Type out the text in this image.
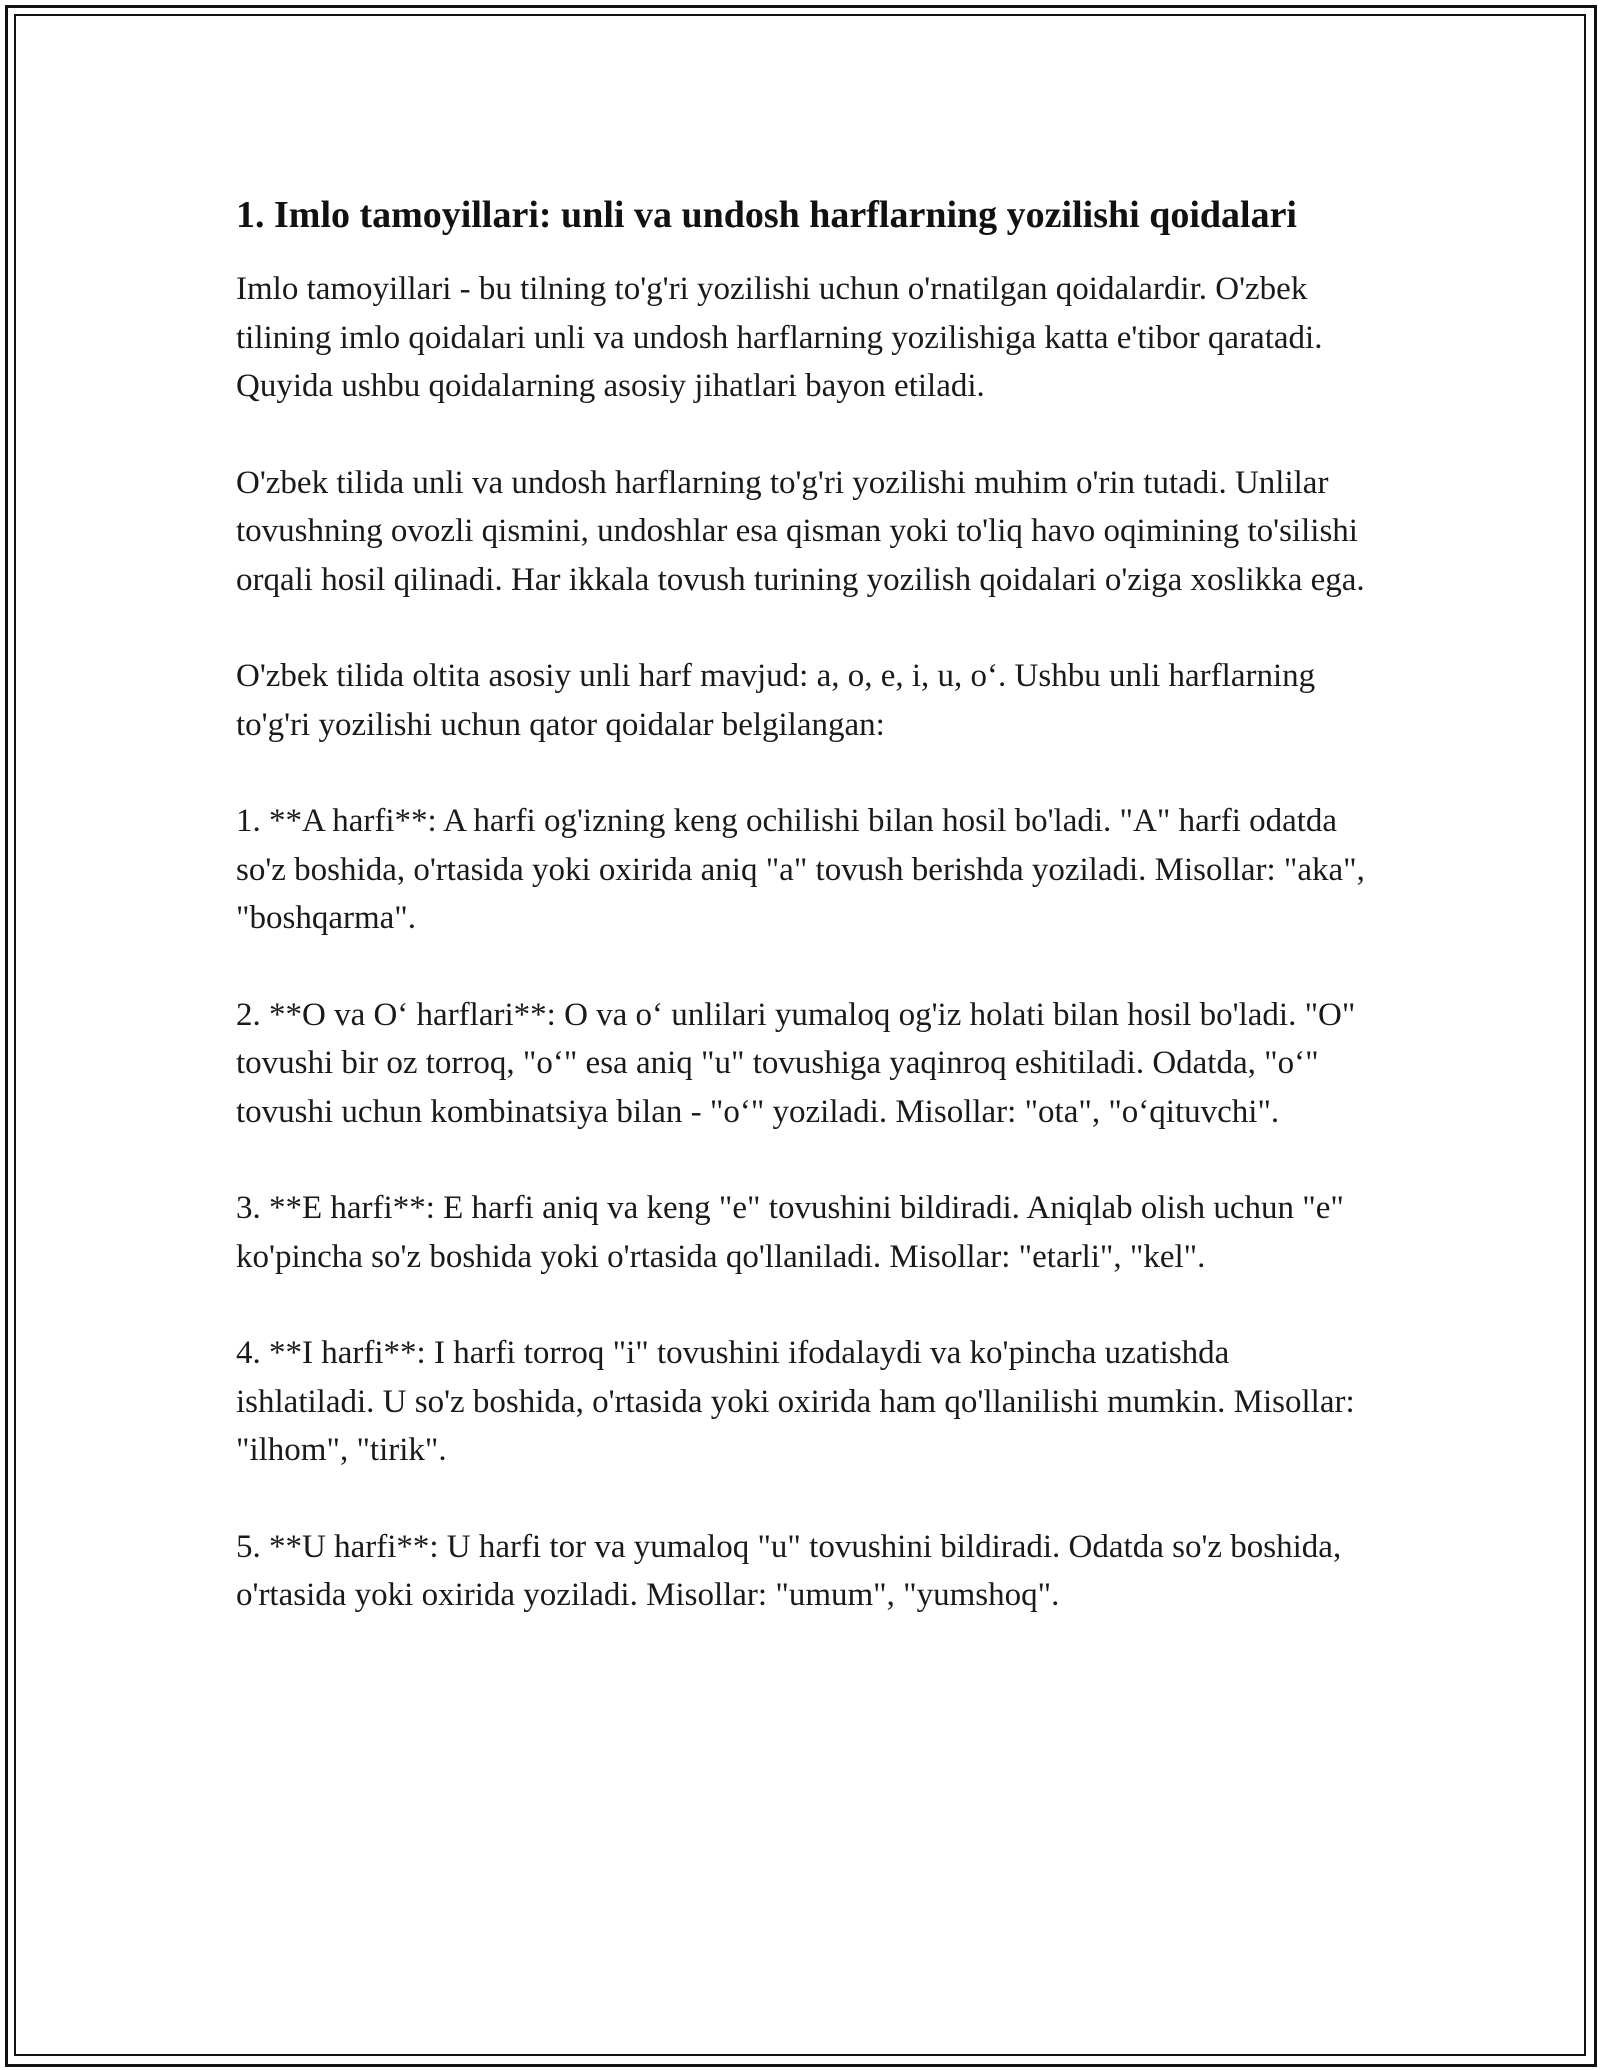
1. Imlo tamoyillari: unli va undosh harflarning yozilishi qoidalari

Imlo tamoyillari - bu tilning to'g'ri yozilishi uchun o'rnatilgan qoidalardir. O'zbek tilining imlo qoidalari unli va undosh harflarning yozilishiga katta e'tibor qaratadi. Quyida ushbu qoidalarning asosiy jihatlari bayon etiladi.

O'zbek tilida unli va undosh harflarning to'g'ri yozilishi muhim o'rin tutadi. Unlilar tovushning ovozli qismini, undoshlar esa qisman yoki to'liq havo oqimining to'silishi orqali hosil qilinadi. Har ikkala tovush turining yozilish qoidalari o'ziga xoslikka ega.

O'zbek tilida oltita asosiy unli harf mavjud: a, o, e, i, u, o‘. Ushbu unli harflarning to'g'ri yozilishi uchun qator qoidalar belgilangan:

1. **A harfi**: A harfi og'izning keng ochilishi bilan hosil bo'ladi. "A" harfi odatda so'z boshida, o'rtasida yoki oxirida aniq "a" tovush berishda yoziladi. Misollar: "aka", "boshqarma".

2. **O va O‘ harflari**: O va o‘ unlilari yumaloq og'iz holati bilan hosil bo'ladi. "O" tovushi bir oz torroq, "o‘" esa aniq "u" tovushiga yaqinroq eshitiladi. Odatda, "o‘" tovushi uchun kombinatsiya bilan - "o‘" yoziladi. Misollar: "ota", "o‘qituvchi".

3. **E harfi**: E harfi aniq va keng "e" tovushini bildiradi. Aniqlab olish uchun "e" ko'pincha so'z boshida yoki o'rtasida qo'llaniladi. Misollar: "etarli", "kel".

4. **I harfi**: I harfi torroq "i" tovushini ifodalaydi va ko'pincha uzatishda ishlatiladi. U so'z boshida, o'rtasida yoki oxirida ham qo'llanilishi mumkin. Misollar: "ilhom", "tirik".

5. **U harfi**: U harfi tor va yumaloq "u" tovushini bildiradi. Odatda so'z boshida, o'rtasida yoki oxirida yoziladi. Misollar: "umum", "yumshoq".
